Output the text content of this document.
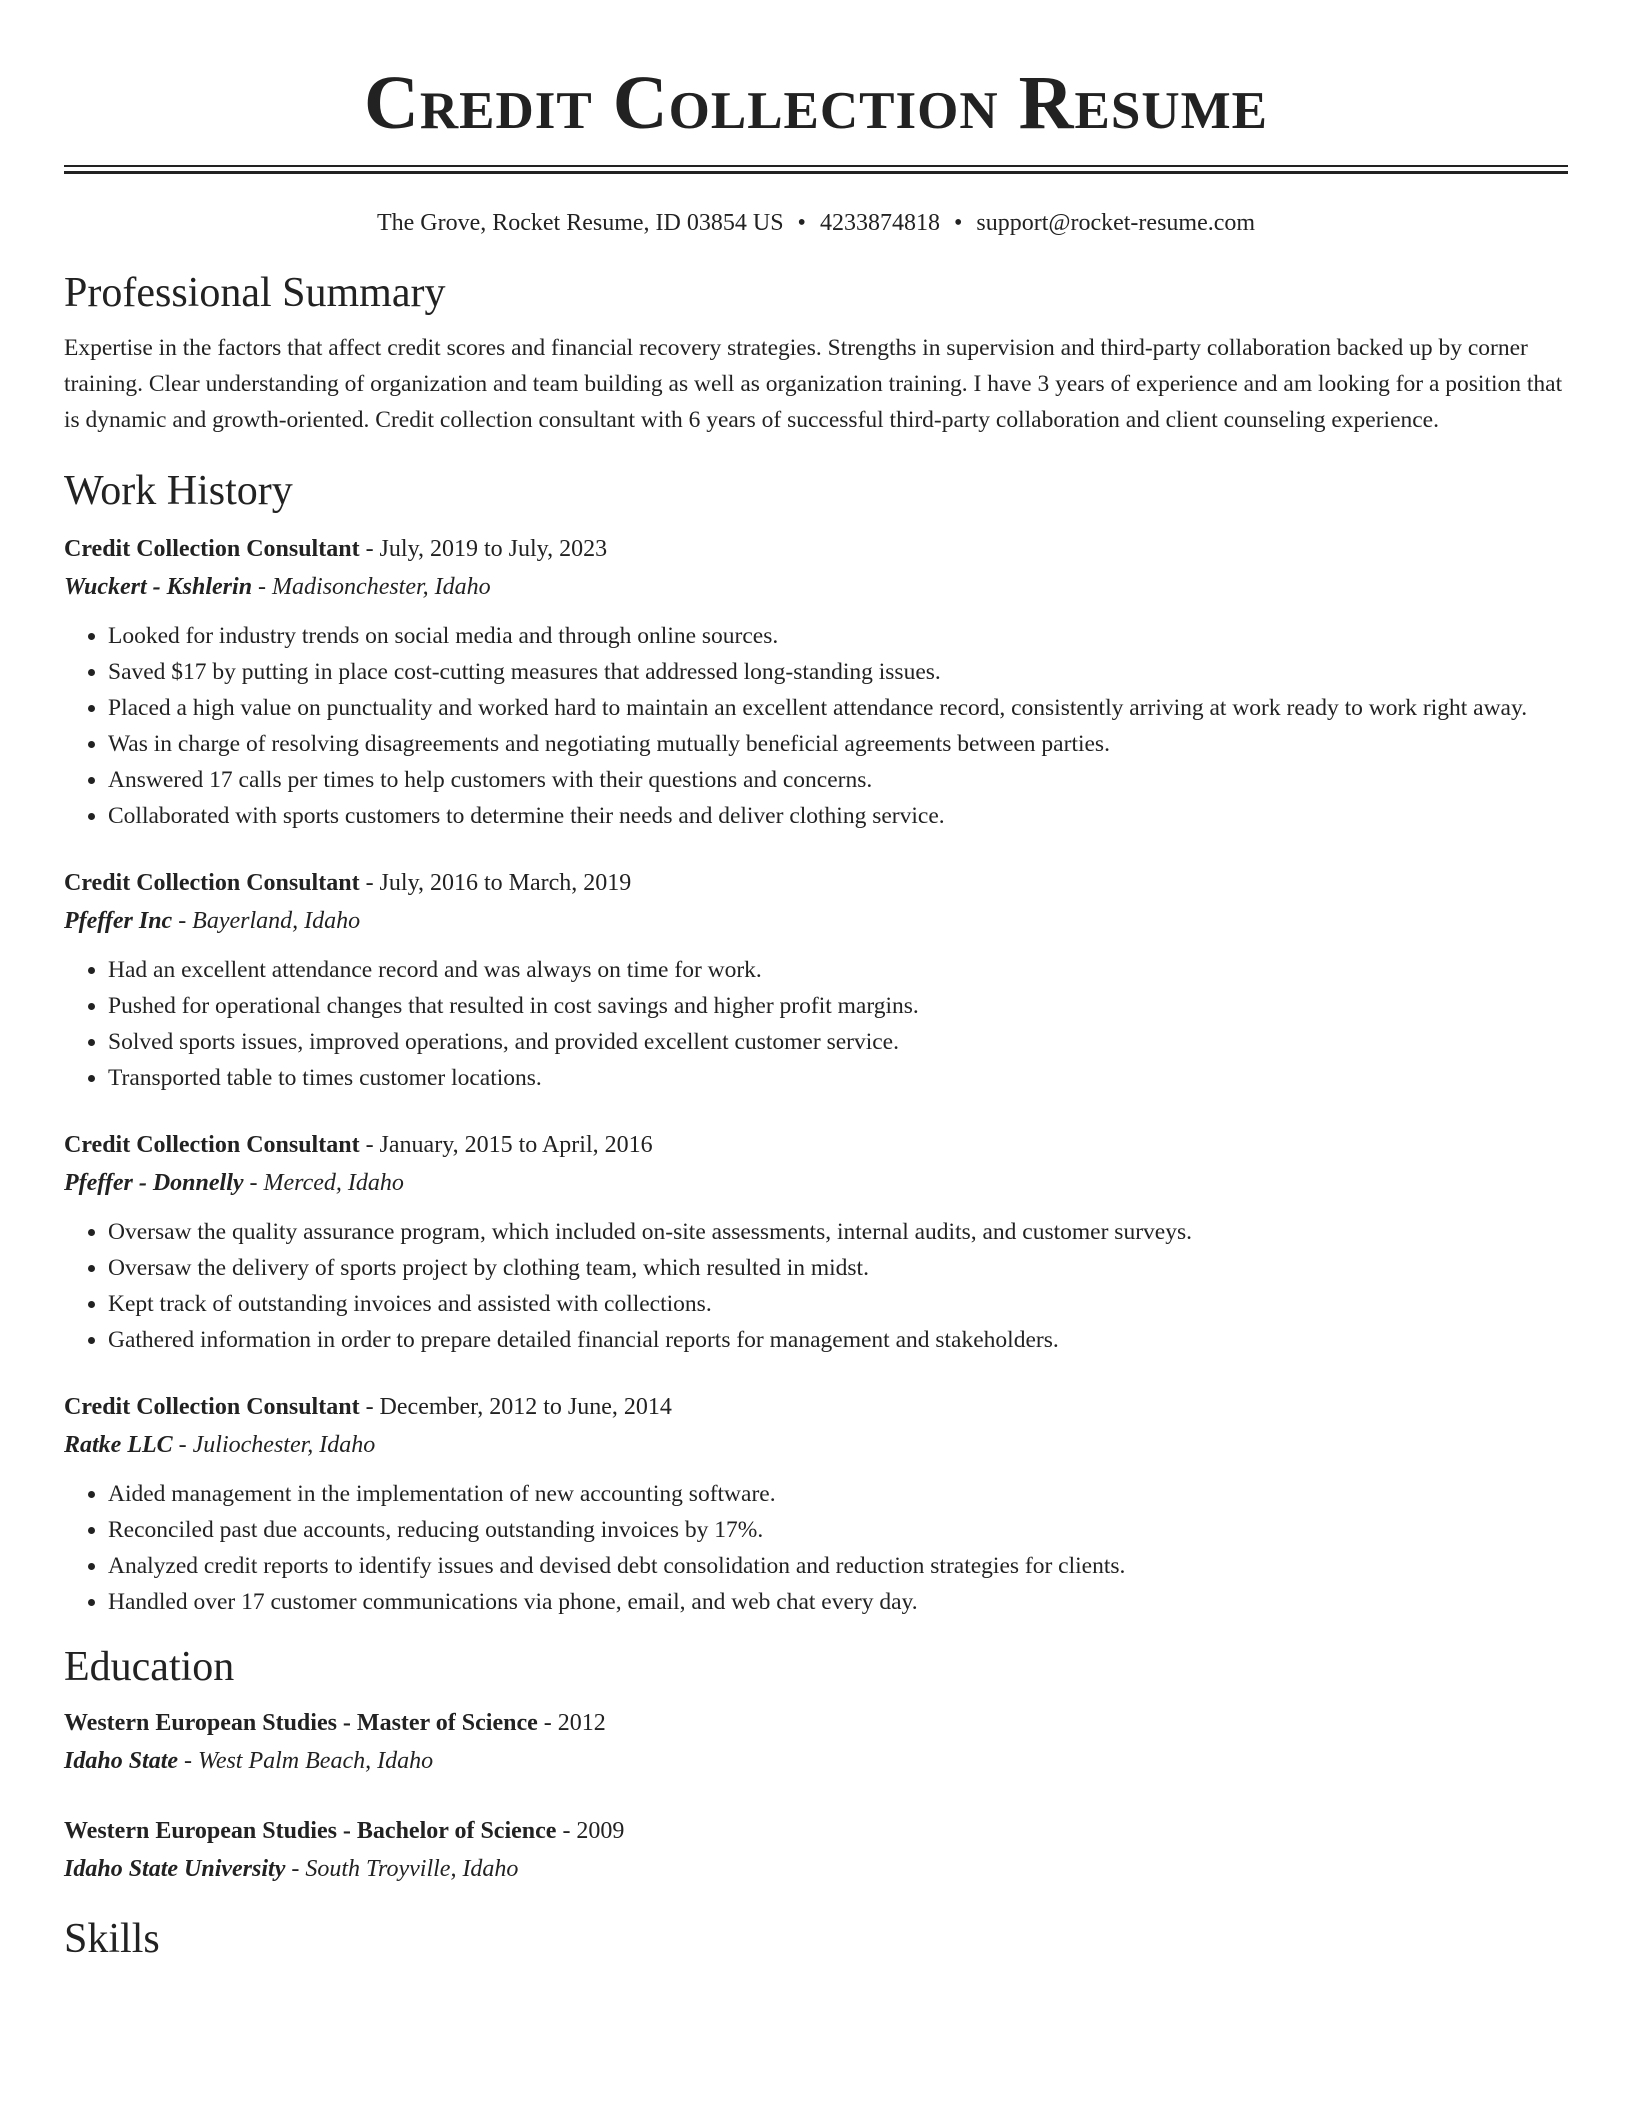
Credit Collection Resume
The Grove, Rocket Resume, ID 03854 US • 4233874818 • support@rocket-resume.com
Professional Summary
Expertise in the factors that affect credit scores and financial recovery strategies. Strengths in supervision and third-party collaboration backed up by corner training. Clear understanding of organization and team building as well as organization training. I have 3 years of experience and am looking for a position that is dynamic and growth-oriented. Credit collection consultant with 6 years of successful third-party collaboration and client counseling experience.
Work History
Credit Collection Consultant - July, 2019 to July, 2023
Wuckert - Kshlerin - Madisonchester, Idaho
• Looked for industry trends on social media and through online sources.
• Saved $17 by putting in place cost-cutting measures that addressed long-standing issues.
• Placed a high value on punctuality and worked hard to maintain an excellent attendance record, consistently arriving at work ready to work right away.
• Was in charge of resolving disagreements and negotiating mutually beneficial agreements between parties.
• Answered 17 calls per times to help customers with their questions and concerns.
• Collaborated with sports customers to determine their needs and deliver clothing service.
Credit Collection Consultant - July, 2016 to March, 2019
Pfeffer Inc - Bayerland, Idaho
• Had an excellent attendance record and was always on time for work.
• Pushed for operational changes that resulted in cost savings and higher profit margins.
• Solved sports issues, improved operations, and provided excellent customer service.
• Transported table to times customer locations.
Credit Collection Consultant - January, 2015 to April, 2016
Pfeffer - Donnelly - Merced, Idaho
• Oversaw the quality assurance program, which included on-site assessments, internal audits, and customer surveys.
• Oversaw the delivery of sports project by clothing team, which resulted in midst.
• Kept track of outstanding invoices and assisted with collections.
• Gathered information in order to prepare detailed financial reports for management and stakeholders.
Credit Collection Consultant - December, 2012 to June, 2014
Ratke LLC - Juliochester, Idaho
• Aided management in the implementation of new accounting software.
• Reconciled past due accounts, reducing outstanding invoices by 17%.
• Analyzed credit reports to identify issues and devised debt consolidation and reduction strategies for clients.
• Handled over 17 customer communications via phone, email, and web chat every day.
Education
Western European Studies - Master of Science - 2012
Idaho State - West Palm Beach, Idaho
Western European Studies - Bachelor of Science - 2009
Idaho State University - South Troyville, Idaho
Skills
